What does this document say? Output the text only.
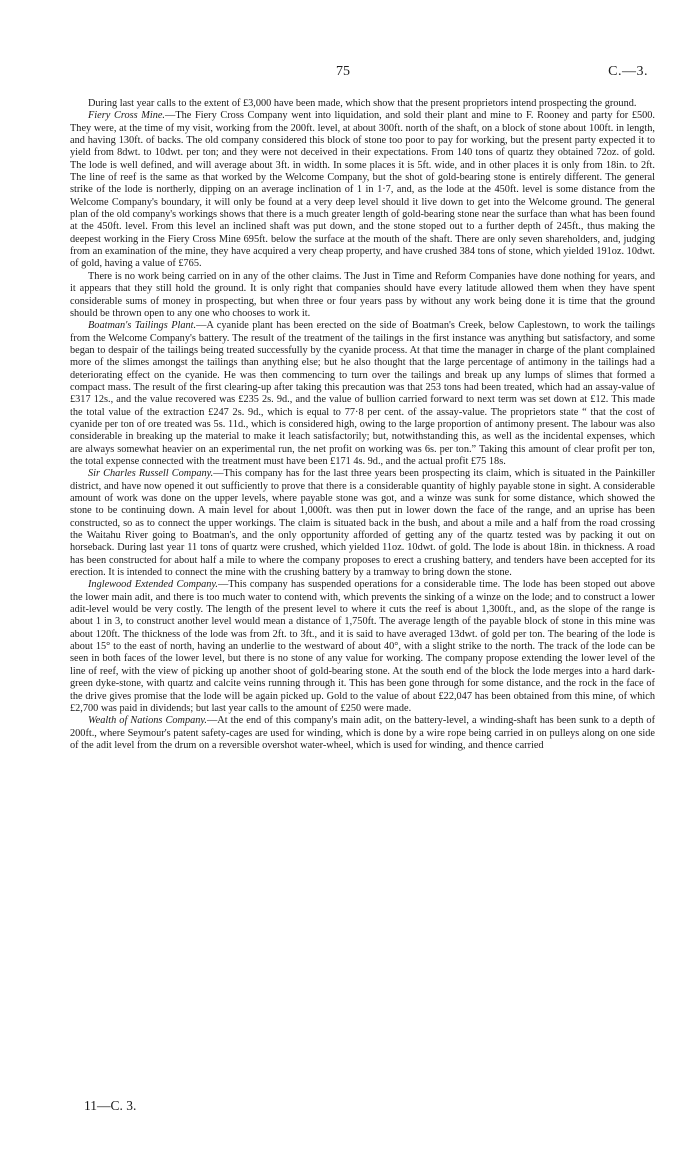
75	C.—3.

During last year calls to the extent of £3,000 have been made, which show that the present proprietors intend prospecting the ground.

Fiery Cross Mine.—The Fiery Cross Company went into liquidation, and sold their plant and mine to F. Rooney and party for £500. They were, at the time of my visit, working from the 200ft. level, at about 300ft. north of the shaft, on a block of stone about 100ft. in length, and having 130ft. of backs. The old company considered this block of stone too poor to pay for working, but the present party expected it to yield from 8dwt. to 10dwt. per ton; and they were not deceived in their expectations. From 140 tons of quartz they obtained 72oz. of gold. The lode is well defined, and will average about 3ft. in width. In some places it is 5ft. wide, and in other places it is only from 18in. to 2ft. The line of reef is the same as that worked by the Welcome Company, but the shot of gold-bearing stone is entirely different. The general strike of the lode is northerly, dipping on an average inclination of 1 in 1·7, and, as the lode at the 450ft. level is some distance from the Welcome Company's boundary, it will only be found at a very deep level should it live down to get into the Welcome ground. The general plan of the old company's workings shows that there is a much greater length of gold-bearing stone near the surface than what has been found at the 450ft. level. From this level an inclined shaft was put down, and the stone stoped out to a further depth of 245ft., thus making the deepest working in the Fiery Cross Mine 695ft. below the surface at the mouth of the shaft. There are only seven shareholders, and, judging from an examination of the mine, they have acquired a very cheap property, and have crushed 384 tons of stone, which yielded 191oz. 10dwt. of gold, having a value of £765.

There is no work being carried on in any of the other claims. The Just in Time and Reform Companies have done nothing for years, and it appears that they still hold the ground. It is only right that companies should have every latitude allowed them when they have spent considerable sums of money in prospecting, but when three or four years pass by without any work being done it is time that the ground should be thrown open to any one who chooses to work it.

Boatman's Tailings Plant.—A cyanide plant has been erected on the side of Boatman's Creek, below Caplestown, to work the tailings from the Welcome Company's battery. The result of the treatment of the tailings in the first instance was anything but satisfactory, and some began to despair of the tailings being treated successfully by the cyanide process. At that time the manager in charge of the plant complained more of the slimes amongst the tailings than anything else; but he also thought that the large percentage of antimony in the tailings had a deteriorating effect on the cyanide. He was then commencing to turn over the tailings and break up any lumps of slimes that formed a compact mass. The result of the first clearing-up after taking this precaution was that 253 tons had been treated, which had an assay-value of £317 12s., and the value recovered was £235 2s. 9d., and the value of bullion carried forward to next term was set down at £12. This made the total value of the extraction £247 2s. 9d., which is equal to 77·8 per cent. of the assay-value. The proprietors state “ that the cost of cyanide per ton of ore treated was 5s. 11d., which is considered high, owing to the large proportion of antimony present. The labour was also considerable in breaking up the material to make it leach satisfactorily; but, notwithstanding this, as well as the incidental expenses, which are always somewhat heavier on an experimental run, the net profit on working was 6s. per ton.” Taking this amount of clear profit per ton, the total expense connected with the treatment must have been £171 4s. 9d., and the actual profit £75 18s.

Sir Charles Russell Company.—This company has for the last three years been prospecting its claim, which is situated in the Painkiller district, and have now opened it out sufficiently to prove that there is a considerable quantity of highly payable stone in sight. A considerable amount of work was done on the upper levels, where payable stone was got, and a winze was sunk for some distance, which showed the stone to be continuing down. A main level for about 1,000ft. was then put in lower down the face of the range, and an uprise has been constructed, so as to connect the upper workings. The claim is situated back in the bush, and about a mile and a half from the road crossing the Waitahu River going to Boatman's, and the only opportunity afforded of getting any of the quartz tested was by packing it out on horseback. During last year 11 tons of quartz were crushed, which yielded 11oz. 10dwt. of gold. The lode is about 18in. in thickness. A road has been constructed for about half a mile to where the company proposes to erect a crushing battery, and tenders have been accepted for its erection. It is intended to connect the mine with the crushing battery by a tramway to bring down the stone.

Inglewood Extended Company.—This company has suspended operations for a considerable time. The lode has been stoped out above the lower main adit, and there is too much water to contend with, which prevents the sinking of a winze on the lode; and to construct a lower adit-level would be very costly. The length of the present level to where it cuts the reef is about 1,300ft., and, as the slope of the range is about 1 in 3, to construct another level would mean a distance of 1,750ft. The average length of the payable block of stone in this mine was about 120ft. The thickness of the lode was from 2ft. to 3ft., and it is said to have averaged 13dwt. of gold per ton. The bearing of the lode is about 15° to the east of north, having an underlie to the westward of about 40°, with a slight strike to the north. The track of the lode can be seen in both faces of the lower level, but there is no stone of any value for working. The company propose extending the lower level of the line of reef, with the view of picking up another shoot of gold-bearing stone. At the south end of the block the lode merges into a hard dark-green dyke-stone, with quartz and calcite veins running through it. This has been gone through for some distance, and the rock in the face of the drive gives promise that the lode will be again picked up. Gold to the value of about £22,047 has been obtained from this mine, of which £2,700 was paid in dividends; but last year calls to the amount of £250 were made.

Wealth of Nations Company.—At the end of this company's main adit, on the battery-level, a winding-shaft has been sunk to a depth of 200ft., where Seymour's patent safety-cages are used for winding, which is done by a wire rope being carried in on pulleys along on one side of the adit level from the drum on a reversible overshot water-wheel, which is used for winding, and thence carried

11—C. 3.
